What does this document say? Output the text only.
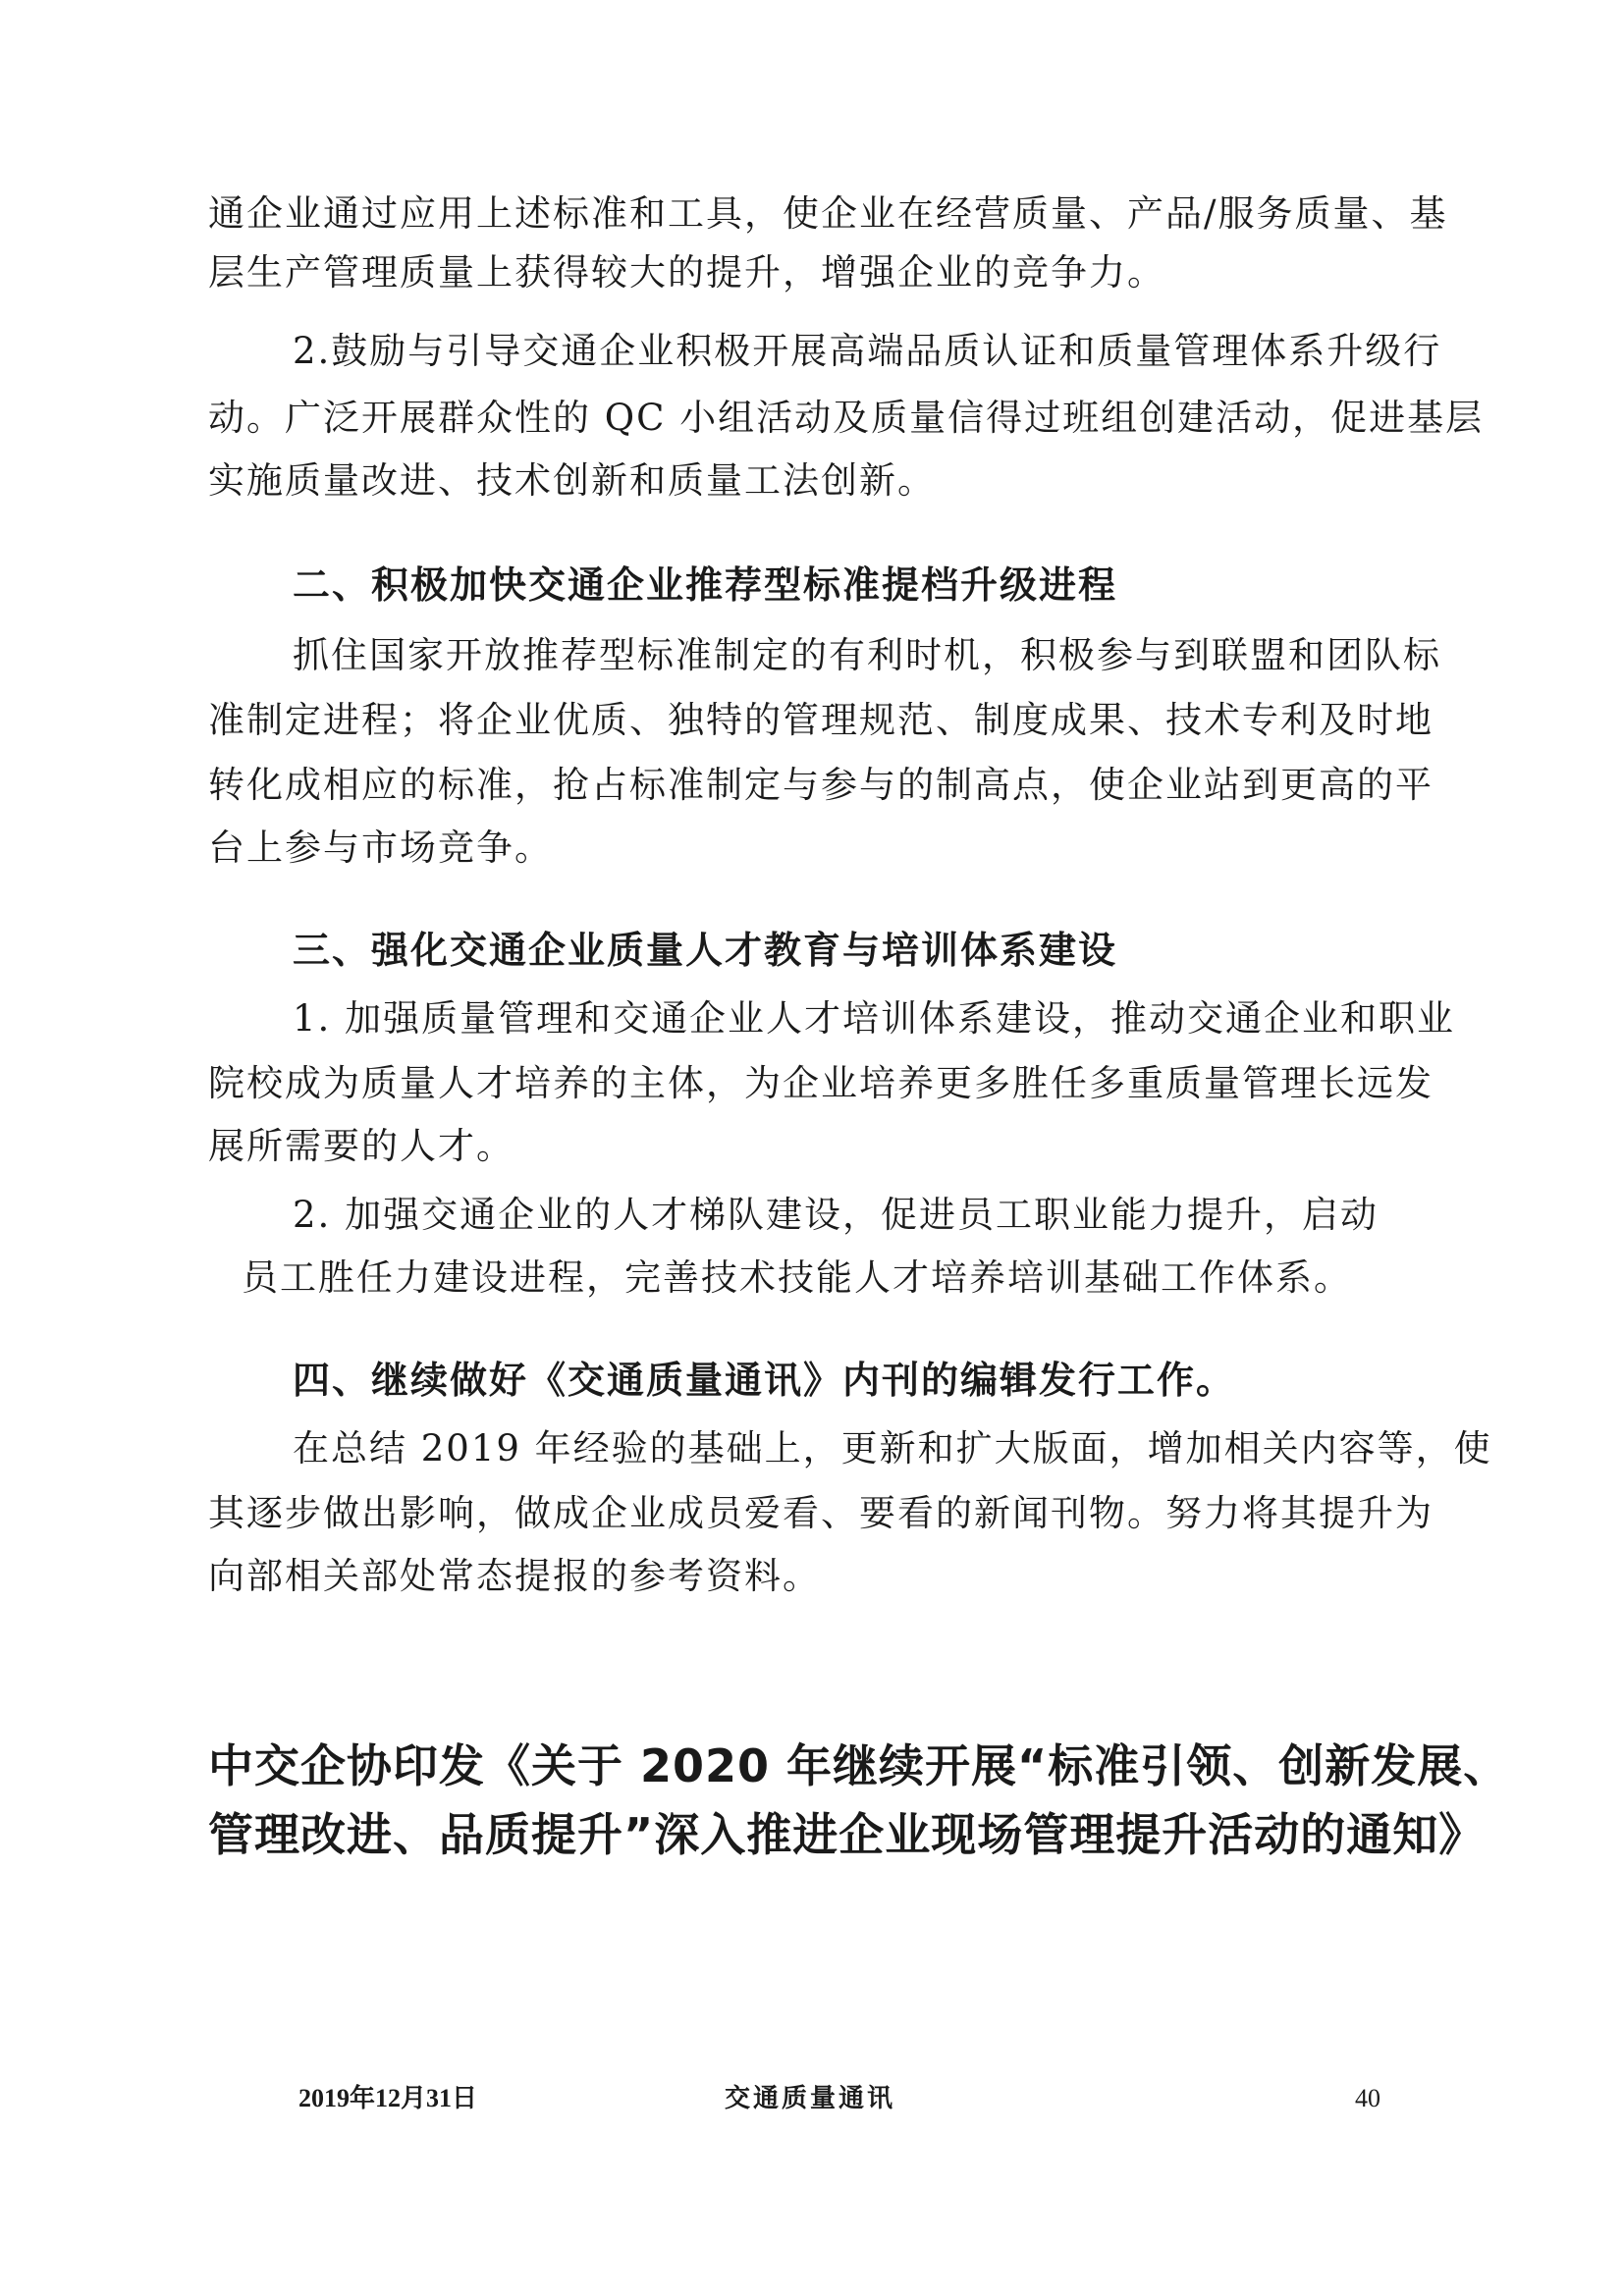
通企业通过应用上述标准和工具，使企业在经营质量、产品/服务质量、基

层生产管理质量上获得较大的提升，增强企业的竞争力。

2.鼓励与引导交通企业积极开展高端品质认证和质量管理体系升级行

动。广泛开展群众性的 QC 小组活动及质量信得过班组创建活动，促进基层

实施质量改进、技术创新和质量工法创新。

二、积极加快交通企业推荐型标准提档升级进程

抓住国家开放推荐型标准制定的有利时机，积极参与到联盟和团队标

准制定进程；将企业优质、独特的管理规范、制度成果、技术专利及时地

转化成相应的标准，抢占标准制定与参与的制高点，使企业站到更高的平

台上参与市场竞争。

三、强化交通企业质量人才教育与培训体系建设

1. 加强质量管理和交通企业人才培训体系建设，推动交通企业和职业

院校成为质量人才培养的主体，为企业培养更多胜任多重质量管理长远发

展所需要的人才。

2. 加强交通企业的人才梯队建设，促进员工职业能力提升，启动

员工胜任力建设进程，完善技术技能人才培养培训基础工作体系。

四、继续做好《交通质量通讯》内刊的编辑发行工作。

在总结 2019 年经验的基础上，更新和扩大版面，增加相关内容等，使

其逐步做出影响，做成企业成员爱看、要看的新闻刊物。努力将其提升为

向部相关部处常态提报的参考资料。

中交企协印发《关于 2020 年继续开展“标准引领、创新发展、
管理改进、品质提升”深入推进企业现场管理提升活动的通知》
2019年12月31日	交通质量通讯	40
